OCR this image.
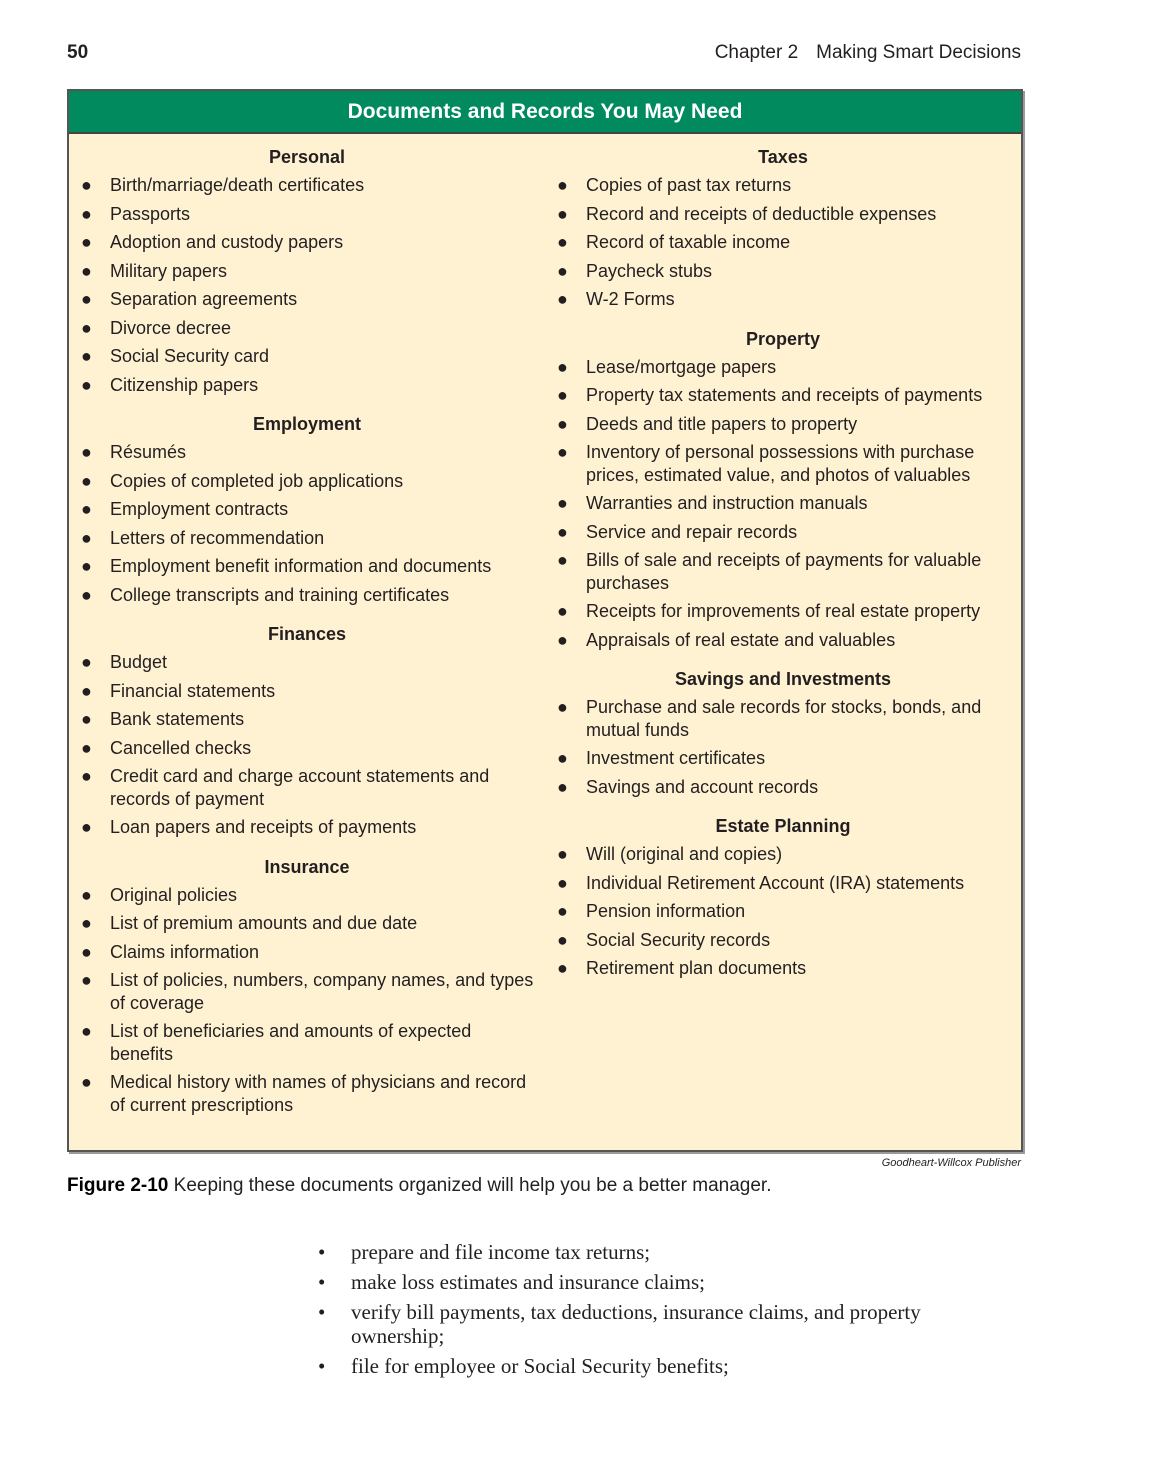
50	Chapter 2 Making Smart Decisions
Documents and Records You May Need
Personal
● Birth/marriage/death certificates
● Passports
● Adoption and custody papers
● Military papers
● Separation agreements
● Divorce decree
● Social Security card
● Citizenship papers
Employment
● Résumés
● Copies of completed job applications
● Employment contracts
● Letters of recommendation
● Employment benefit information and documents
● College transcripts and training certificates
Finances
● Budget
● Financial statements
● Bank statements
● Cancelled checks
● Credit card and charge account statements and records of payment
● Loan papers and receipts of payments
Insurance
● Original policies
● List of premium amounts and due date
● Claims information
● List of policies, numbers, company names, and types of coverage
● List of beneficiaries and amounts of expected benefits
● Medical history with names of physicians and record of current prescriptions
Taxes
● Copies of past tax returns
● Record and receipts of deductible expenses
● Record of taxable income
● Paycheck stubs
● W-2 Forms
Property
● Lease/mortgage papers
● Property tax statements and receipts of payments
● Deeds and title papers to property
● Inventory of personal possessions with purchase prices, estimated value, and photos of valuables
● Warranties and instruction manuals
● Service and repair records
● Bills of sale and receipts of payments for valuable purchases
● Receipts for improvements of real estate property
● Appraisals of real estate and valuables
Savings and Investments
● Purchase and sale records for stocks, bonds, and mutual funds
● Investment certificates
● Savings and account records
Estate Planning
● Will (original and copies)
● Individual Retirement Account (IRA) statements
● Pension information
● Social Security records
● Retirement plan documents
Goodheart-Willcox Publisher
Figure 2-10 Keeping these documents organized will help you be a better manager.
• prepare and file income tax returns;
• make loss estimates and insurance claims;
• verify bill payments, tax deductions, insurance claims, and property ownership;
• file for employee or Social Security benefits;
